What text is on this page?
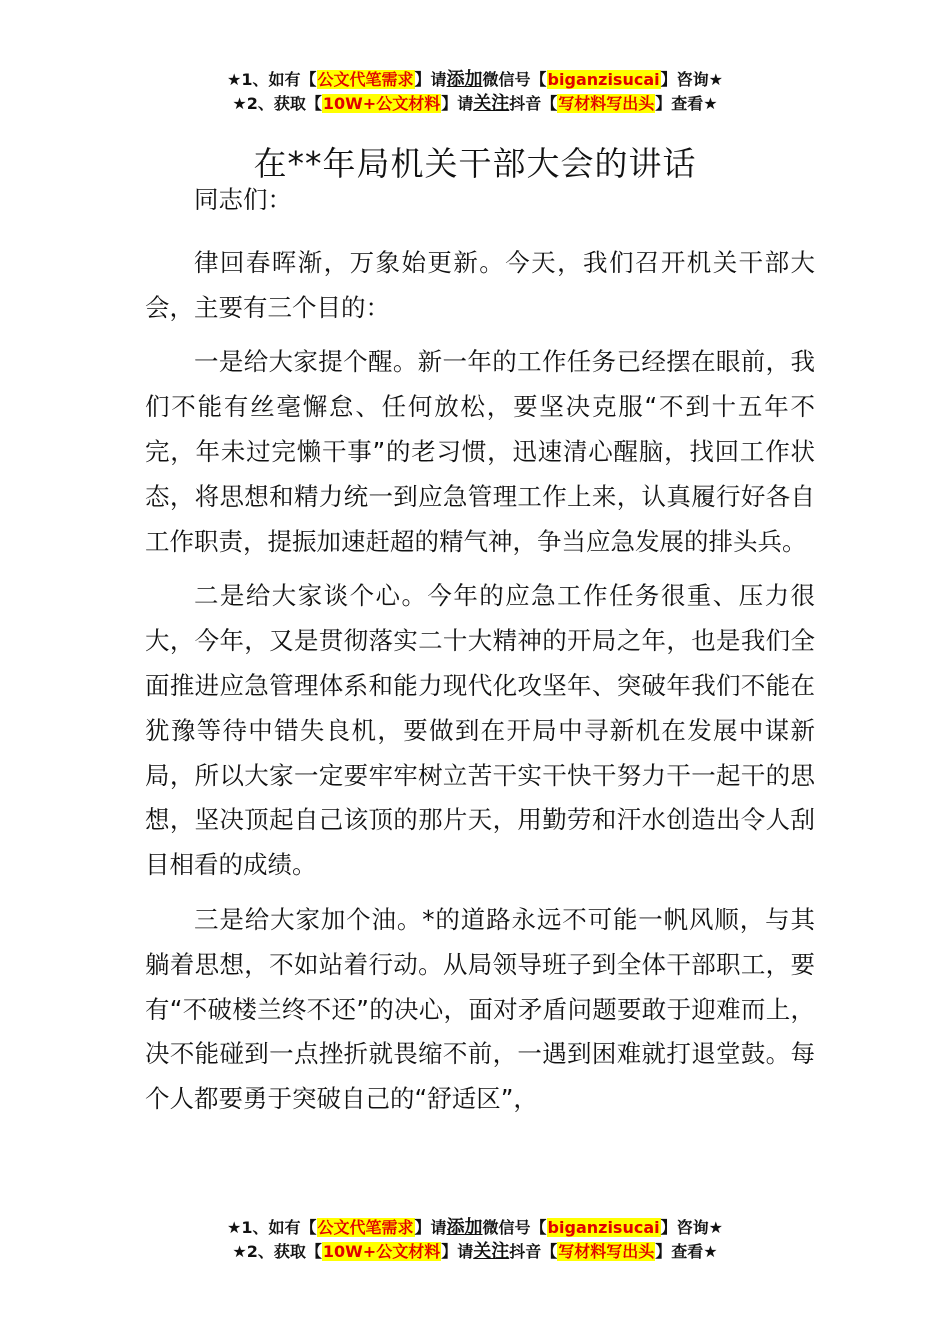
★1、如有【公文代笔需求】请添加微信号【biganzisucai】咨询★
★2、获取【10W+公文材料】请关注抖音【写材料写出头】查看★
在**年局机关干部大会的讲话

同志们：

律回春晖渐，万象始更新。今天，我们召开机关干部大会，主要有三个目的：

一是给大家提个醒。新一年的工作任务已经摆在眼前，我们不能有丝毫懈怠、任何放松，要坚决克服“不到十五年不完，年未过完懒干事”的老习惯，迅速清心醒脑，找回工作状态，将思想和精力统一到应急管理工作上来，认真履行好各自工作职责，提振加速赶超的精气神，争当应急发展的排头兵。

二是给大家谈个心。今年的应急工作任务很重、压力很大，今年，又是贯彻落实二十大精神的开局之年，也是我们全面推进应急管理体系和能力现代化攻坚年、突破年我们不能在犹豫等待中错失良机，要做到在开局中寻新机在发展中谋新局，所以大家一定要牢牢树立苦干实干快干努力干一起干的思想，坚决顶起自己该顶的那片天，用勤劳和汗水创造出令人刮目相看的成绩。

三是给大家加个油。*的道路永远不可能一帆风顺，与其躺着思想，不如站着行动。从局领导班子到全体干部职工，要有“不破楼兰终不还”的决心，面对矛盾问题要敢于迎难而上，决不能碰到一点挫折就畏缩不前，一遇到困难就打退堂鼓。每个人都要勇于突破自己的“舒适区”，

★1、如有【公文代笔需求】请添加微信号【biganzisucai】咨询★
★2、获取【10W+公文材料】请关注抖音【写材料写出头】查看★
